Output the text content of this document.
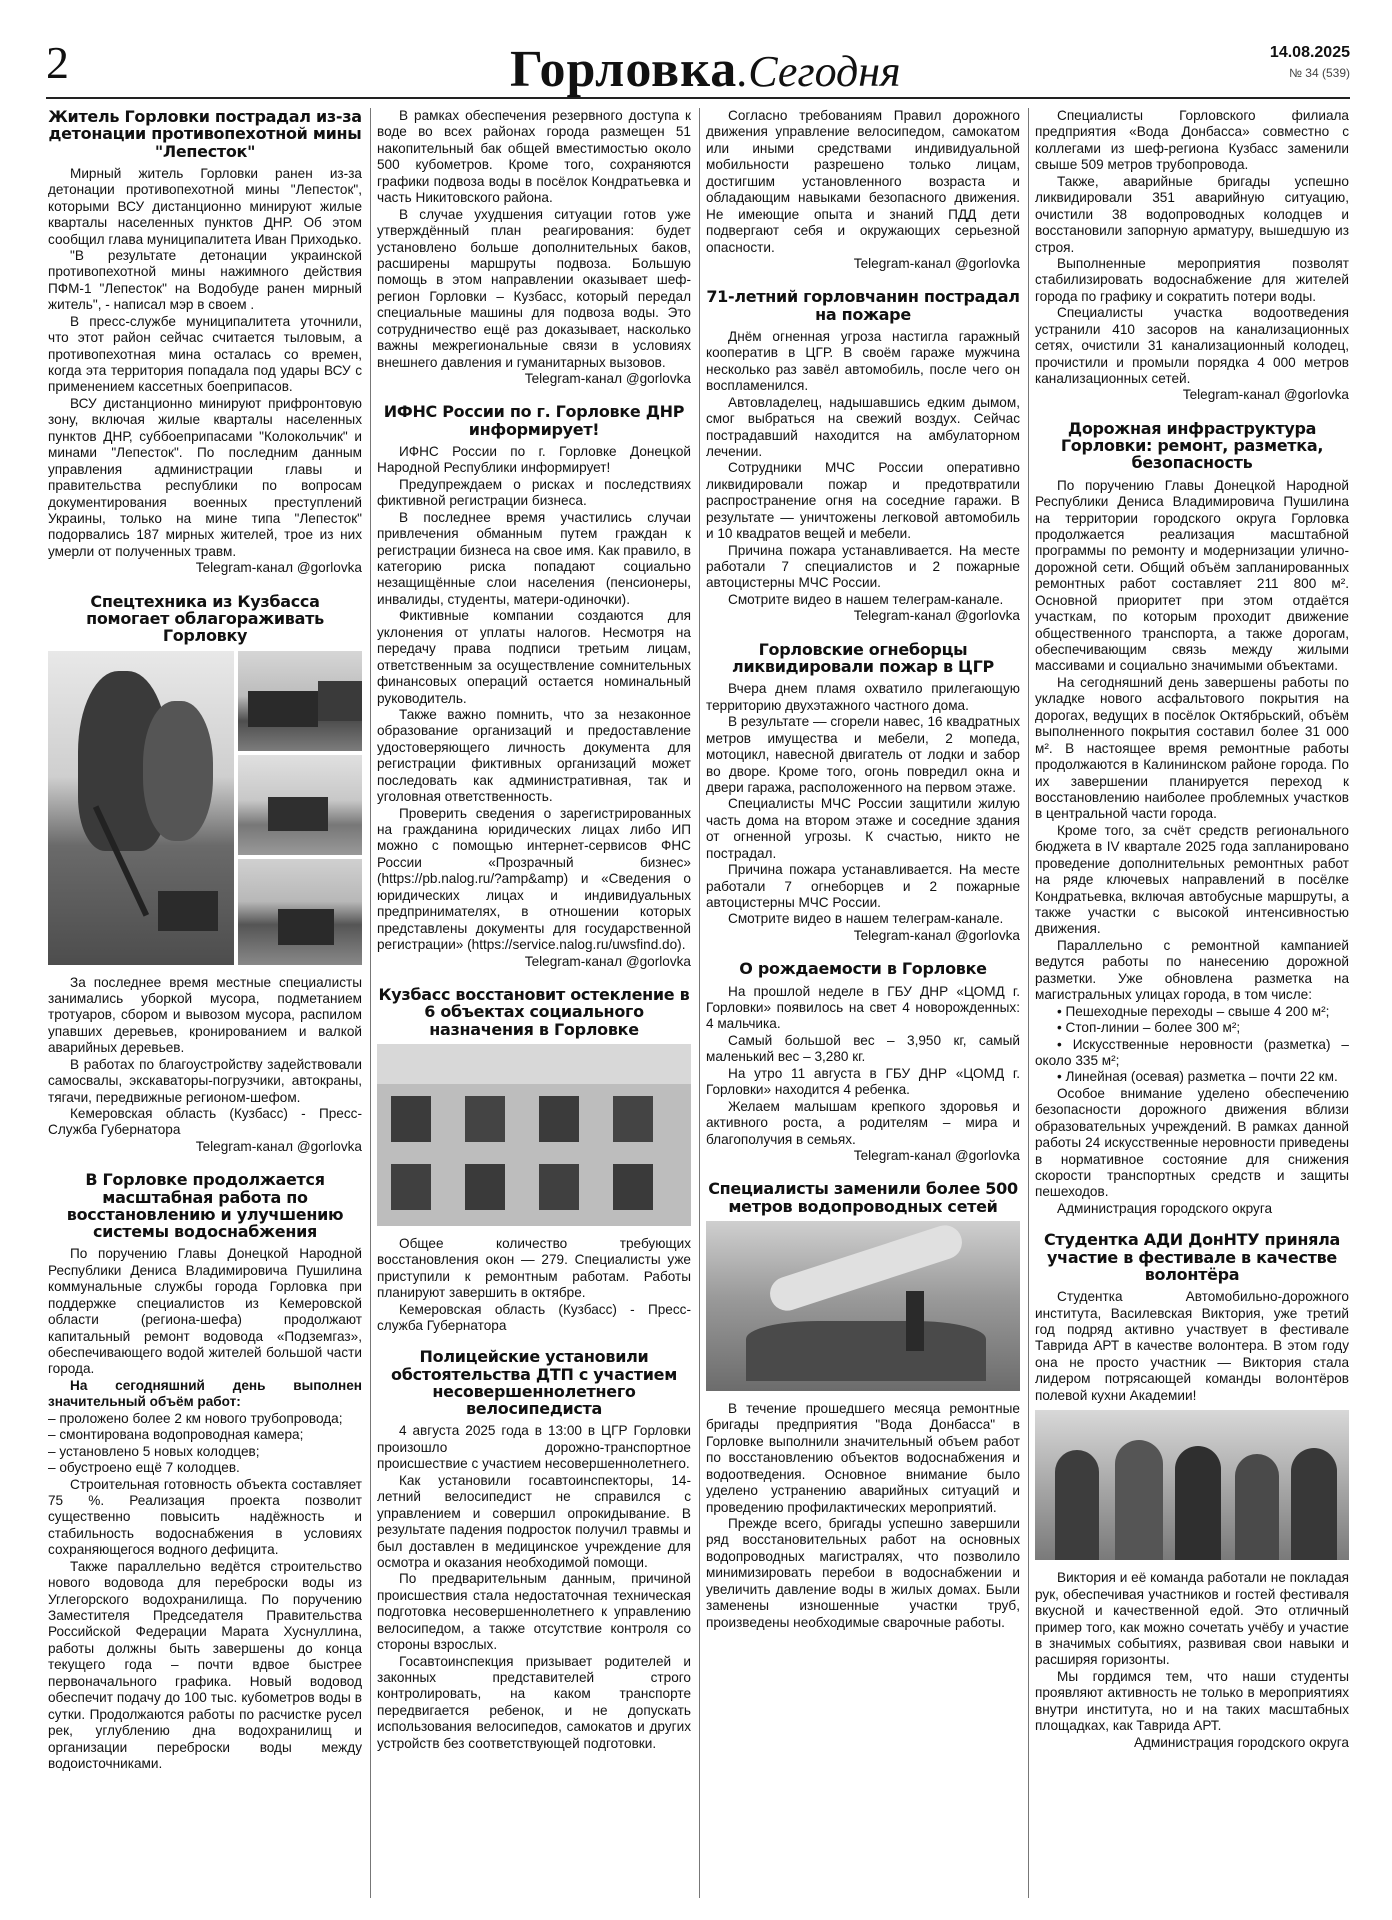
2	Горловка.Сегодня	14.08.2025
№ 34 (539)
Житель Горловки пострадал из-за детонации противопехотной мины "Лепесток"

Мирный житель Горловки ранен из-за детонации противопехотной мины "Лепесток", которыми ВСУ дистанционно минируют жилые кварталы населенных пунктов ДНР. Об этом сообщил глава муниципалитета Иван Приходько.

"В результате детонации украинской противопехотной мины нажимного действия ПФМ-1 "Лепесток" на Водобуде ранен мирный житель", - написал мэр в своем .

В пресс-службе муниципалитета уточнили, что этот район сейчас считается тыловым, а противопехотная мина осталась со времен, когда эта территория попадала под удары ВСУ с применением кассетных боеприпасов.

ВСУ дистанционно минируют прифронтовую зону, включая жилые кварталы населенных пунктов ДНР, суббоеприпасами "Колокольчик" и минами "Лепесток". По последним данным управления администрации главы и правительства республики по вопросам документирования военных преступлений Украины, только на мине типа "Лепесток" подорвались 187 мирных жителей, трое из них умерли от полученных травм.

Telegram-канал @gorlovka

Спецтехника из Кузбасса помогает облагораживать Горловку

За последнее время местные специалисты занимались уборкой мусора, подметанием тротуаров, сбором и вывозом мусора, распилом упавших деревьев, кронированием и валкой аварийных деревьев.

В работах по благоустройству задействовали самосвалы, экскаваторы-погрузчики, автокраны, тягачи, передвижные регионом-шефом.

Кемеровская область (Кузбасс) - Пресс-Служба Губернатора

Telegram-канал @gorlovka

В Горловке продолжается масштабная работа по восстановлению и улучшению системы водоснабжения

По поручению Главы Донецкой Народной Республики Дениса Владимировича Пушилина коммунальные службы города Горловка при поддержке специалистов из Кемеровской области (региона-шефа) продолжают капитальный ремонт водовода «Подземгаз», обеспечивающего водой жителей большой части города.

На сегодняшний день выполнен значительный объём работ:

– проложено более 2 км нового трубопровода;

– смонтирована водопроводная камера;

– установлено 5 новых колодцев;

– обустроено ещё 7 колодцев.

Строительная готовность объекта составляет 75 %. Реализация проекта позволит существенно повысить надёжность и стабильность водоснабжения в условиях сохраняющегося водного дефицита.

Также параллельно ведётся строительство нового водовода для переброски воды из Углегорского водохранилища. По поручению Заместителя Председателя Правительства Российской Федерации Марата Хуснуллина, работы должны быть завершены до конца текущего года – почти вдвое быстрее первоначального графика. Новый водовод обеспечит подачу до 100 тыс. кубометров воды в сутки. Продолжаются работы по расчистке русел рек, углублению дна водохранилищ и организации переброски воды между водоисточниками.

В рамках обеспечения резервного доступа к воде во всех районах города размещен 51 накопительный бак общей вместимостью около 500 кубометров. Кроме того, сохраняются графики подвоза воды в посёлок Кондратьевка и часть Никитовского района.

В случае ухудшения ситуации готов уже утверждённый план реагирования: будет установлено больше дополнительных баков, расширены маршруты подвоза. Большую помощь в этом направлении оказывает шеф-регион Горловки – Кузбасс, который передал специальные машины для подвоза воды. Это сотрудничество ещё раз доказывает, насколько важны межрегиональные связи в условиях внешнего давления и гуманитарных вызовов.

Telegram-канал @gorlovka

ИФНС России по г. Горловке ДНР информирует!

ИФНС России по г. Горловке Донецкой Народной Республики информирует!

Предупреждаем о рисках и последствиях фиктивной регистрации бизнеса.

В последнее время участились случаи привлечения обманным путем граждан к регистрации бизнеса на свое имя. Как правило, в категорию риска попадают социально незащищённые слои населения (пенсионеры, инвалиды, студенты, матери-одиночки).

Фиктивные компании создаются для уклонения от уплаты налогов. Несмотря на передачу права подписи третьим лицам, ответственным за осуществление сомнительных финансовых операций остается номинальный руководитель.

Также важно помнить, что за незаконное образование организаций и предоставление удостоверяющего личность документа для регистрации фиктивных организаций может последовать как административная, так и уголовная ответственность.

Проверить сведения о зарегистрированных на гражданина юридических лицах либо ИП можно с помощью интернет-сервисов ФНС России «Прозрачный бизнес» (https://pb.nalog.ru/?amp&amp) и «Сведения о юридических лицах и индивидуальных предпринимателях, в отношении которых представлены документы для государственной регистрации» (https://service.nalog.ru/uwsfind.do).

Telegram-канал @gorlovka

Кузбасс восстановит остекление в 6 объектах социального назначения в Горловке

Общее количество требующих восстановления окон — 279. Специалисты уже приступили к ремонтным работам. Работы планируют завершить в октябре.

Кемеровская область (Кузбасс) - Пресс-служба Губернатора

Полицейские установили обстоятельства ДТП с участием несовершеннолетнего велосипедиста

4 августа 2025 года в 13:00 в ЦГР Горловки произошло дорожно-транспортное происшествие с участием несовершеннолетнего.

Как установили госавтоинспекторы, 14-летний велосипедист не справился с управлением и совершил опрокидывание. В результате падения подросток получил травмы и был доставлен в медицинское учреждение для осмотра и оказания необходимой помощи.

По предварительным данным, причиной происшествия стала недостаточная техническая подготовка несовершеннолетнего к управлению велосипедом, а также отсутствие контроля со стороны взрослых.

Госавтоинспекция призывает родителей и законных представителей строго контролировать, на каком транспорте передвигается ребенок, и не допускать использования велосипедов, самокатов и других устройств без соответствующей подготовки.

Согласно требованиям Правил дорожного движения управление велосипедом, самокатом или иными средствами индивидуальной мобильности разрешено только лицам, достигшим установленного возраста и обладающим навыками безопасного движения. Не имеющие опыта и знаний ПДД дети подвергают себя и окружающих серьезной опасности.

Telegram-канал @gorlovka

71-летний горловчанин пострадал на пожаре

Днём огненная угроза настигла гаражный кооператив в ЦГР. В своём гараже мужчина несколько раз завёл автомобиль, после чего он воспламенился.

Автовладелец, надышавшись едким дымом, смог выбраться на свежий воздух. Сейчас пострадавший находится на амбулаторном лечении.

Сотрудники МЧС России оперативно ликвидировали пожар и предотвратили распространение огня на соседние гаражи. В результате — уничтожены легковой автомобиль и 10 квадратов вещей и мебели.

Причина пожара устанавливается. На месте работали 7 специалистов и 2 пожарные автоцистерны МЧС России.

Смотрите видео в нашем телеграм-канале.

Telegram-канал @gorlovka

Горловские огнеборцы ликвидировали пожар в ЦГР

Вчера днем пламя охватило прилегающую территорию двухэтажного частного дома.

В результате — сгорели навес, 16 квадратных метров имущества и мебели, 2 мопеда, мотоцикл, навесной двигатель от лодки и забор во дворе. Кроме того, огонь повредил окна и двери гаража, расположенного на первом этаже.

Специалисты МЧС России защитили жилую часть дома на втором этаже и соседние здания от огненной угрозы. К счастью, никто не пострадал.

Причина пожара устанавливается. На месте работали 7 огнеборцев и 2 пожарные автоцистерны МЧС России.

Смотрите видео в нашем телеграм-канале.

Telegram-канал @gorlovka

О рождаемости в Горловке

На прошлой неделе в ГБУ ДНР «ЦОМД г. Горловки» появилось на свет 4 новорожденных: 4 мальчика.

Самый большой вес – 3,950 кг, самый маленький вес – 3,280 кг.

На утро 11 августа в ГБУ ДНР «ЦОМД г. Горловки» находится 4 ребенка.

Желаем малышам крепкого здоровья и активного роста, а родителям – мира и благополучия в семьях.

Telegram-канал @gorlovka

Специалисты заменили более 500 метров водопроводных сетей

В течение прошедшего месяца ремонтные бригады предприятия "Вода Донбасса" в Горловке выполнили значительный объем работ по восстановлению объектов водоснабжения и водоотведения. Основное внимание было уделено устранению аварийных ситуаций и проведению профилактических мероприятий.

Прежде всего, бригады успешно завершили ряд восстановительных работ на основных водопроводных магистралях, что позволило минимизировать перебои в водоснабжении и увеличить давление воды в жилых домах. Были заменены изношенные участки труб, произведены необходимые сварочные работы.

Специалисты Горловского филиала предприятия «Вода Донбасса» совместно с коллегами из шеф-региона Кузбасс заменили свыше 509 метров трубопровода.

Также, аварийные бригады успешно ликвидировали 351 аварийную ситуацию, очистили 38 водопроводных колодцев и восстановили запорную арматуру, вышедшую из строя.

Выполненные мероприятия позволят стабилизировать водоснабжение для жителей города по графику и сократить потери воды.

Специалисты участка водоотведения устранили 410 засоров на канализационных сетях, очистили 31 канализационный колодец, прочистили и промыли порядка 4 000 метров канализационных сетей.

Telegram-канал @gorlovka

Дорожная инфраструктура Горловки: ремонт, разметка, безопасность

По поручению Главы Донецкой Народной Республики Дениса Владимировича Пушилина на территории городского округа Горловка продолжается реализация масштабной программы по ремонту и модернизации улично-дорожной сети. Общий объём запланированных ремонтных работ составляет 211 800 м². Основной приоритет при этом отдаётся участкам, по которым проходит движение общественного транспорта, а также дорогам, обеспечивающим связь между жилыми массивами и социально значимыми объектами.

На сегодняшний день завершены работы по укладке нового асфальтового покрытия на дорогах, ведущих в посёлок Октябрьский, объём выполненного покрытия составил более 31 000 м². В настоящее время ремонтные работы продолжаются в Калининском районе города. По их завершении планируется переход к восстановлению наиболее проблемных участков в центральной части города.

Кроме того, за счёт средств регионального бюджета в IV квартале 2025 года запланировано проведение дополнительных ремонтных работ на ряде ключевых направлений в посёлке Кондратьевка, включая автобусные маршруты, а также участки с высокой интенсивностью движения.

Параллельно с ремонтной кампанией ведутся работы по нанесению дорожной разметки. Уже обновлена разметка на магистральных улицах города, в том числе:

• Пешеходные переходы – свыше 4 200 м²;

• Стоп-линии – более 300 м²;

• Искусственные неровности (разметка) – около 335 м²;

• Линейная (осевая) разметка – почти 22 км.

Особое внимание уделено обеспечению безопасности дорожного движения вблизи образовательных учреждений. В рамках данной работы 24 искусственные неровности приведены в нормативное состояние для снижения скорости транспортных средств и защиты пешеходов.

Администрация городского округа

Студентка АДИ ДонНТУ приняла участие в фестивале в качестве волонтёра

Студентка Автомобильно-дорожного института, Василевская Виктория, уже третий год подряд активно участвует в фестивале Таврида АРТ в качестве волонтера. В этом году она не просто участник — Виктория стала лидером потрясающей команды волонтёров полевой кухни Академии!

Виктория и её команда работали не покладая рук, обеспечивая участников и гостей фестиваля вкусной и качественной едой. Это отличный пример того, как можно сочетать учёбу и участие в значимых событиях, развивая свои навыки и расширяя горизонты.

Мы гордимся тем, что наши студенты проявляют активность не только в мероприятиях внутри института, но и на таких масштабных площадках, как Таврида АРТ.

Администрация городского округа
